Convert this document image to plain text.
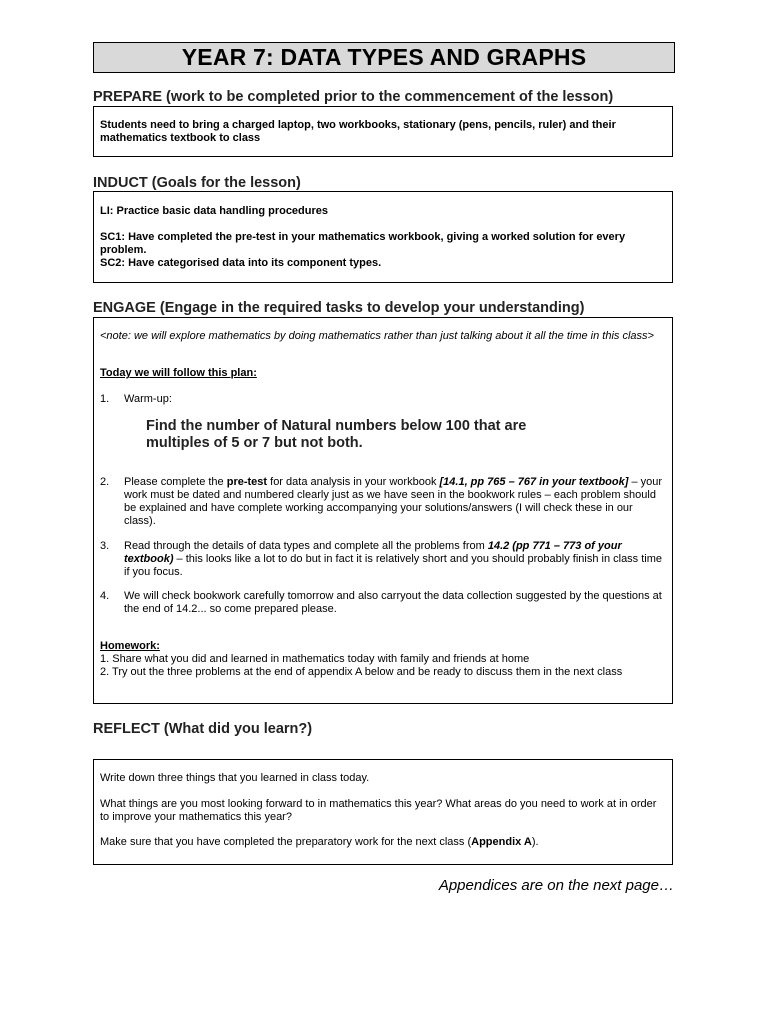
YEAR 7: DATA TYPES AND GRAPHS
PREPARE (work to be completed prior to the commencement of the lesson)

Students need to bring a charged laptop, two workbooks, stationary (pens, pencils, ruler) and their mathematics textbook to class

INDUCT (Goals for the lesson)

LI: Practice basic data handling procedures

SC1: Have completed the pre-test in your mathematics workbook, giving a worked solution for every problem.

SC2: Have categorised data into its component types.

ENGAGE (Engage in the required tasks to develop your understanding)

<note: we will explore mathematics by doing mathematics rather than just talking about it all the time in this class>

Today we will follow this plan:

1. Warm-up:

Find the number of Natural numbers below 100 that are multiples of 5 or 7 but not both.

2. Please complete the pre-test for data analysis in your workbook [14.1, pp 765 – 767 in your textbook] – your work must be dated and numbered clearly just as we have seen in the bookwork rules – each problem should be explained and have complete working accompanying your solutions/answers (I will check these in our class).

3. Read through the details of data types and complete all the problems from 14.2 (pp 771 – 773 of your textbook) – this looks like a lot to do but in fact it is relatively short and you should probably finish in class time if you focus.

4. We will check bookwork carefully tomorrow and also carryout the data collection suggested by the questions at the end of 14.2... so come prepared please.

Homework:

1. Share what you did and learned in mathematics today with family and friends at home

2. Try out the three problems at the end of appendix A below and be ready to discuss them in the next class

REFLECT (What did you learn?)

Write down three things that you learned in class today.

What things are you most looking forward to in mathematics this year? What areas do you need to work at in order to improve your mathematics this year?

Make sure that you have completed the preparatory work for the next class (Appendix A).

Appendices are on the next page…
